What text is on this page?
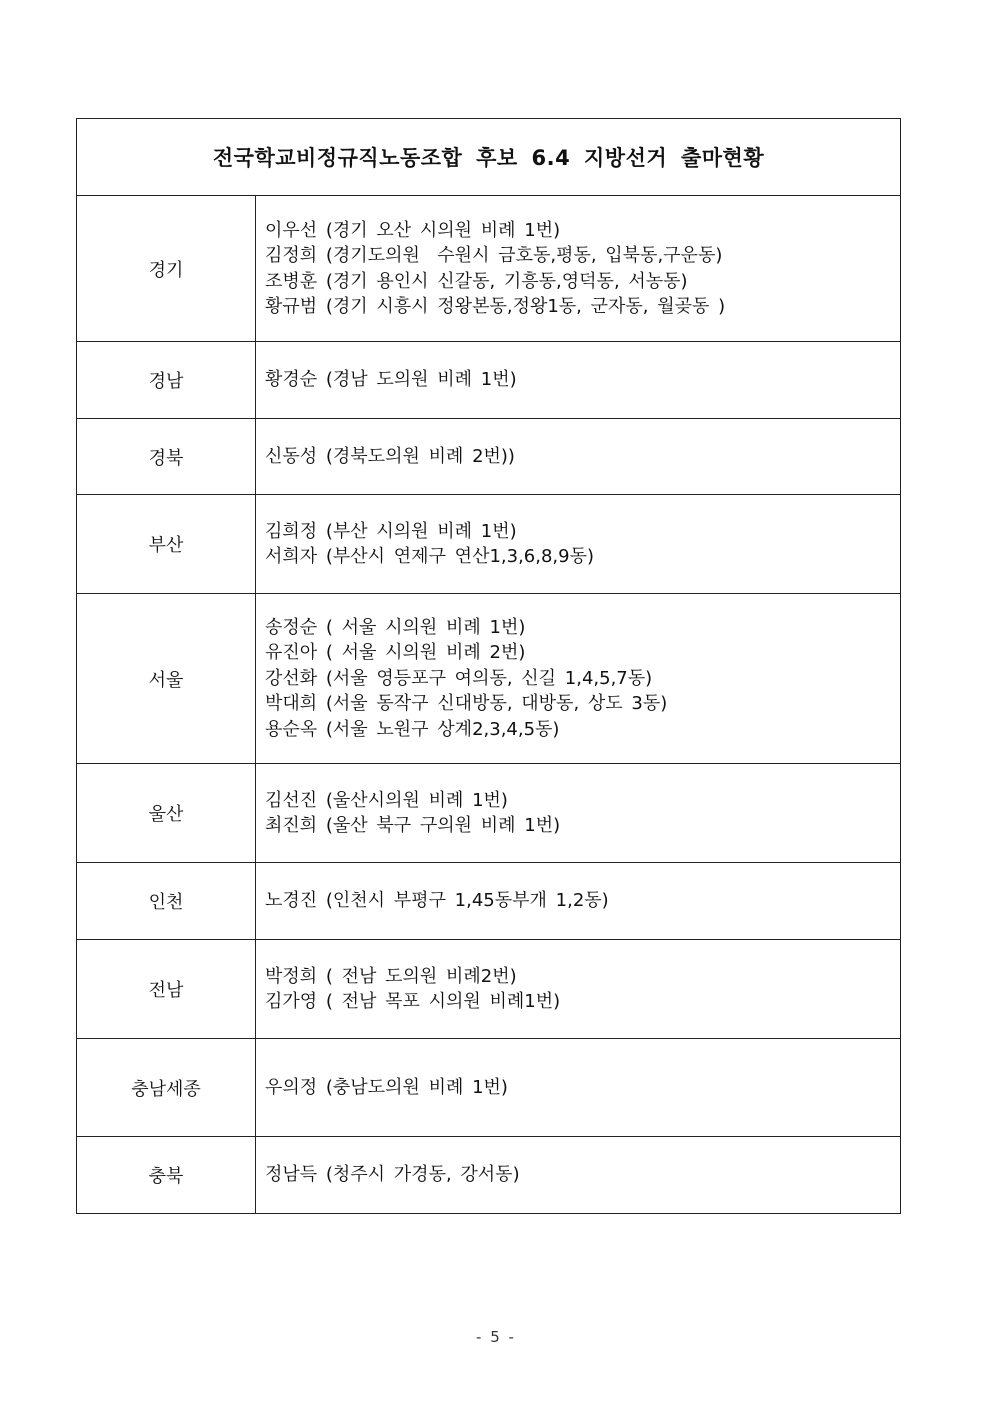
전국학교비정규직노동조합 후보 6.4 지방선거 출마현황	
경기	이우선 (경기 오산 시의원 비례 1번)
김정희 (경기도의원  수원시 금호동,평동, 입북동,구운동)
조병훈 (경기 용인시 신갈동, 기흥동,영덕동, 서농동)
황규범 (경기 시흥시 정왕본동,정왕1동, 군자동, 월곶동 )

경남	황경순 (경남 도의원 비례 1번)

경북	신동성 (경북도의원 비례 2번))

부산	김희정 (부산 시의원 비례 1번)
서희자 (부산시 연제구 연산1,3,6,8,9동)

서울	송정순 ( 서울 시의원 비례 1번)
유진아 ( 서울 시의원 비례 2번)
강선화 (서울 영등포구 여의동, 신길 1,4,5,7동)
박대희 (서울 동작구 신대방동, 대방동, 상도 3동)
용순옥 (서울 노원구 상계2,3,4,5동)

울산	김선진 (울산시의원 비례 1번)
최진희 (울산 북구 구의원 비례 1번)

인천	노경진 (인천시 부평구 1,45동부개 1,2동)

전남	박정희 ( 전남 도의원 비례2번)
김가영 ( 전남 목포 시의원 비례1번)

충남세종	우의정 (충남도의원 비례 1번)

충북	정남득 (청주시 가경동, 강서동)
- 5 -
